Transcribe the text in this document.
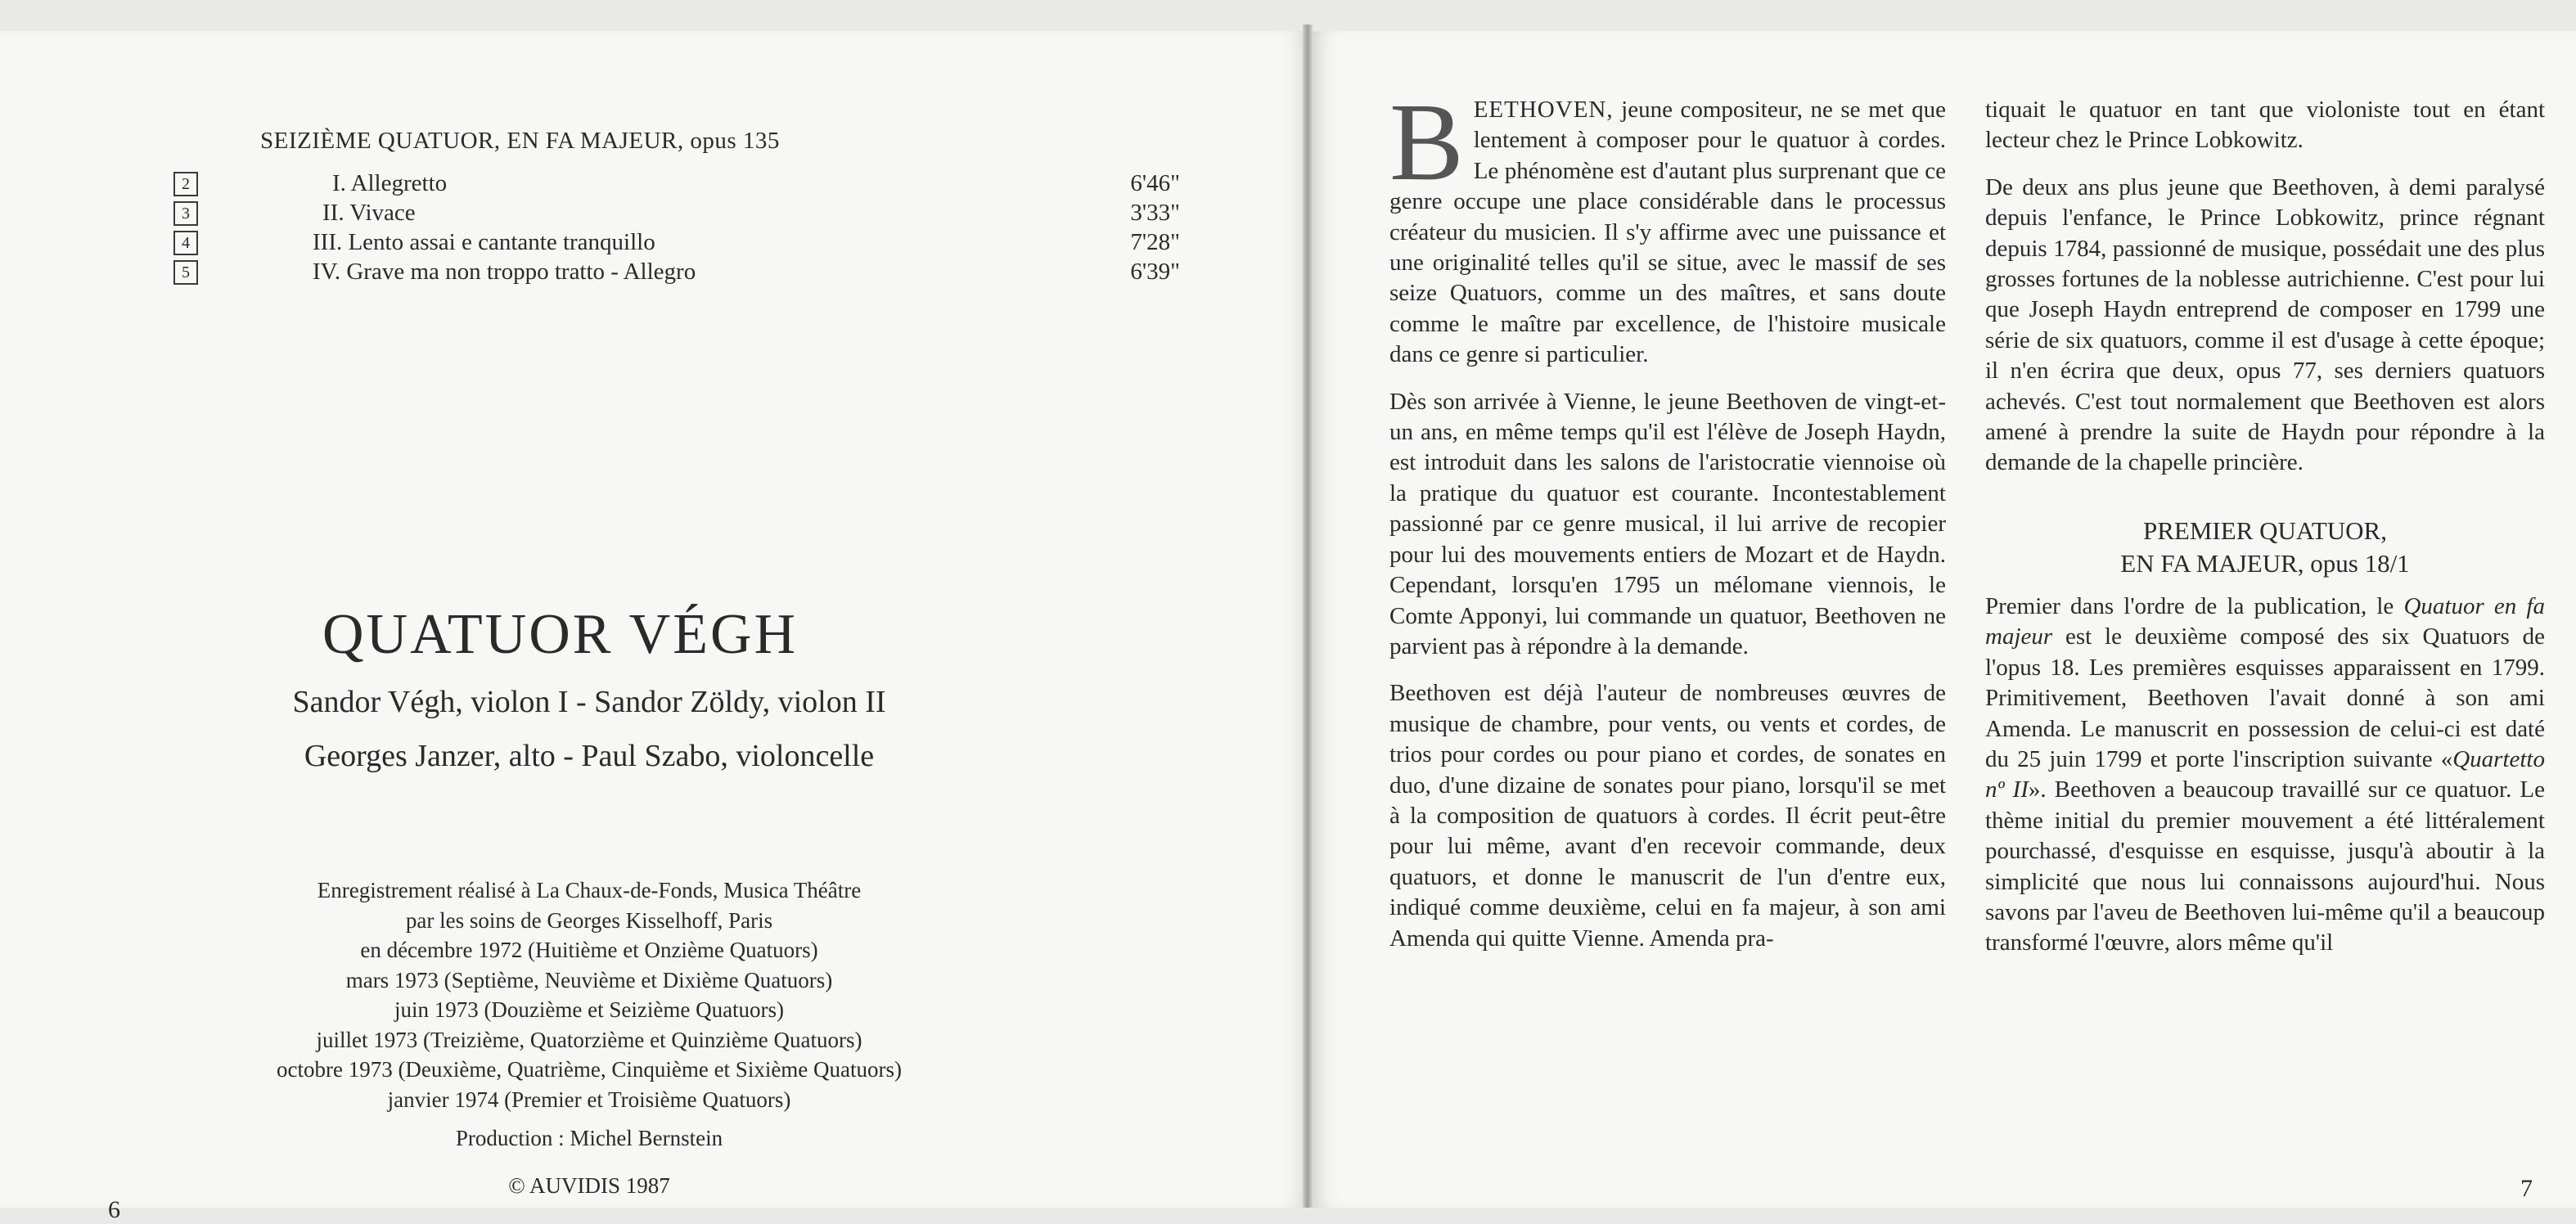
SEIZIÈME QUATUOR, EN FA MAJEUR, opus 135
2	I. Allegretto	6'46"
3	II. Vivace	3'33"
4	III. Lento assai e cantante tranquillo	7'28"
5	IV. Grave ma non troppo tratto - Allegro	6'39"
QUATUOR VÉGH
Sandor Végh, violon I - Sandor Zöldy, violon II
Georges Janzer, alto - Paul Szabo, violoncelle
Enregistrement réalisé à La Chaux-de-Fonds, Musica Théâtre
par les soins de Georges Kisselhoff, Paris
en décembre 1972 (Huitième et Onzième Quatuors)
mars 1973 (Septième, Neuvième et Dixième Quatuors)
juin 1973 (Douzième et Seizième Quatuors)
juillet 1973 (Treizième, Quatorzième et Quinzième Quatuors)
octobre 1973 (Deuxième, Quatrième, Cinquième et Sixième Quatuors)
janvier 1974 (Premier et Troisième Quatuors)
Production : Michel Bernstein
© AUVIDIS 1987
6

BEETHOVEN, jeune compositeur, ne se met que lentement à composer pour le quatuor à cordes. Le phénomène est d'autant plus surprenant que ce genre occupe une place considérable dans le processus créateur du musicien. Il s'y affirme avec une puissance et une originalité telles qu'il se situe, avec le massif de ses seize Quatuors, comme un des maîtres, et sans doute comme le maître par excellence, de l'histoire musicale dans ce genre si particulier.

Dès son arrivée à Vienne, le jeune Beethoven de vingt-et-un ans, en même temps qu'il est l'élève de Joseph Haydn, est introduit dans les salons de l'aristocratie viennoise où la pratique du quatuor est courante. Incontestablement passionné par ce genre musical, il lui arrive de recopier pour lui des mouvements entiers de Mozart et de Haydn. Cependant, lorsqu'en 1795 un mélomane viennois, le Comte Apponyi, lui commande un quatuor, Beethoven ne parvient pas à répondre à la demande.

Beethoven est déjà l'auteur de nombreuses œuvres de musique de chambre, pour vents, ou vents et cordes, de trios pour cordes ou pour piano et cordes, de sonates en duo, d'une dizaine de sonates pour piano, lorsqu'il se met à la composition de quatuors à cordes. Il écrit peut-être pour lui même, avant d'en recevoir commande, deux quatuors, et donne le manuscrit de l'un d'entre eux, indiqué comme deuxième, celui en fa majeur, à son ami Amenda qui quitte Vienne. Amenda pra-

tiquait le quatuor en tant que violoniste tout en étant lecteur chez le Prince Lobkowitz.

De deux ans plus jeune que Beethoven, à demi paralysé depuis l'enfance, le Prince Lobkowitz, prince régnant depuis 1784, passionné de musique, possédait une des plus grosses fortunes de la noblesse autrichienne. C'est pour lui que Joseph Haydn entreprend de composer en 1799 une série de six quatuors, comme il est d'usage à cette époque; il n'en écrira que deux, opus 77, ses derniers quatuors achevés. C'est tout normalement que Beethoven est alors amené à prendre la suite de Haydn pour répondre à la demande de la chapelle princière.

PREMIER QUATUOR,
EN FA MAJEUR, opus 18/1

Premier dans l'ordre de la publication, le Quatuor en fa majeur est le deuxième composé des six Quatuors de l'opus 18. Les premières esquisses apparaissent en 1799. Primitivement, Beethoven l'avait donné à son ami Amenda. Le manuscrit en possession de celui-ci est daté du 25 juin 1799 et porte l'inscription suivante «Quartetto nº II». Beethoven a beaucoup travaillé sur ce quatuor. Le thème initial du premier mouvement a été littéralement pourchassé, d'esquisse en esquisse, jusqu'à aboutir à la simplicité que nous lui connaissons aujourd'hui. Nous savons par l'aveu de Beethoven lui-même qu'il a beaucoup transformé l'œuvre, alors même qu'il

7
